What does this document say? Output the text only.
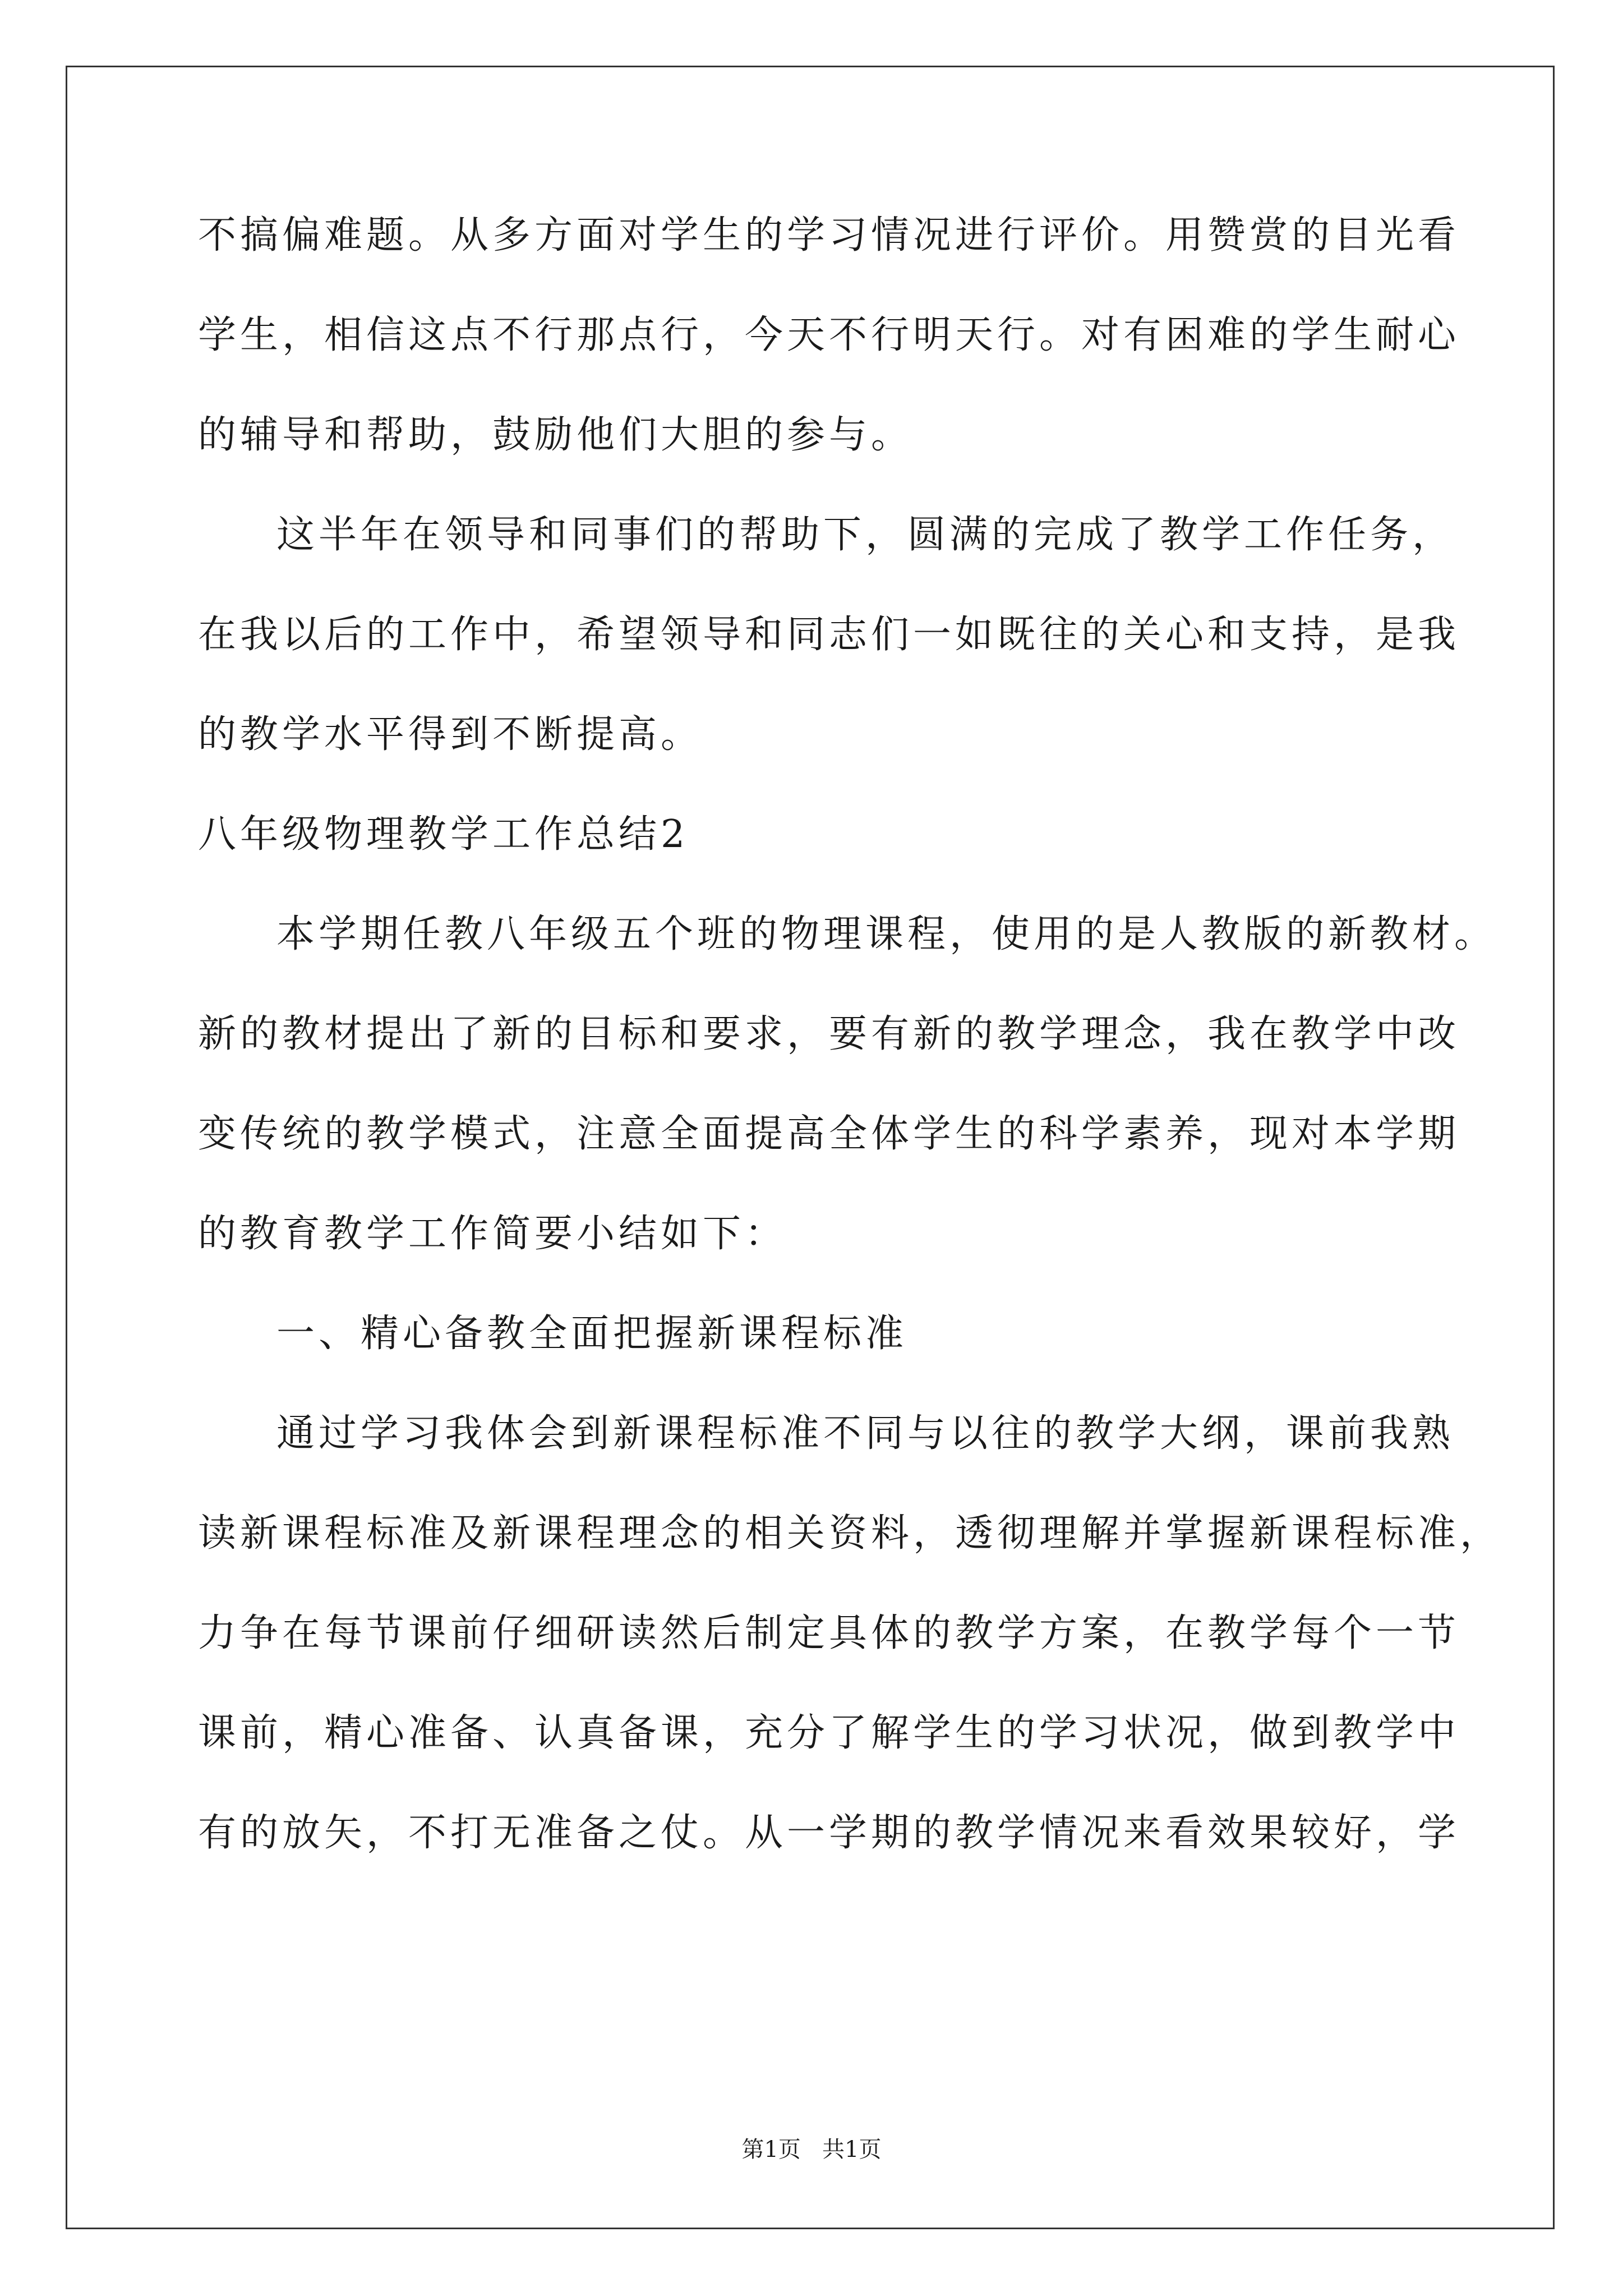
不搞偏难题。从多方面对学生的学习情况进行评价。用赞赏的目光看
学生，相信这点不行那点行，今天不行明天行。对有困难的学生耐心
的辅导和帮助，鼓励他们大胆的参与。
这半年在领导和同事们的帮助下，圆满的完成了教学工作任务，
在我以后的工作中，希望领导和同志们一如既往的关心和支持，是我
的教学水平得到不断提高。
八年级物理教学工作总结2
本学期任教八年级五个班的物理课程，使用的是人教版的新教材。
新的教材提出了新的目标和要求，要有新的教学理念，我在教学中改
变传统的教学模式，注意全面提高全体学生的科学素养，现对本学期
的教育教学工作简要小结如下：
一、精心备教全面把握新课程标准
通过学习我体会到新课程标准不同与以往的教学大纲，课前我熟
读新课程标准及新课程理念的相关资料，透彻理解并掌握新课程标准，
力争在每节课前仔细研读然后制定具体的教学方案，在教学每个一节
课前，精心准备、认真备课，充分了解学生的学习状况，做到教学中
有的放矢，不打无准备之仗。从一学期的教学情况来看效果较好，学
第1页   共1页
